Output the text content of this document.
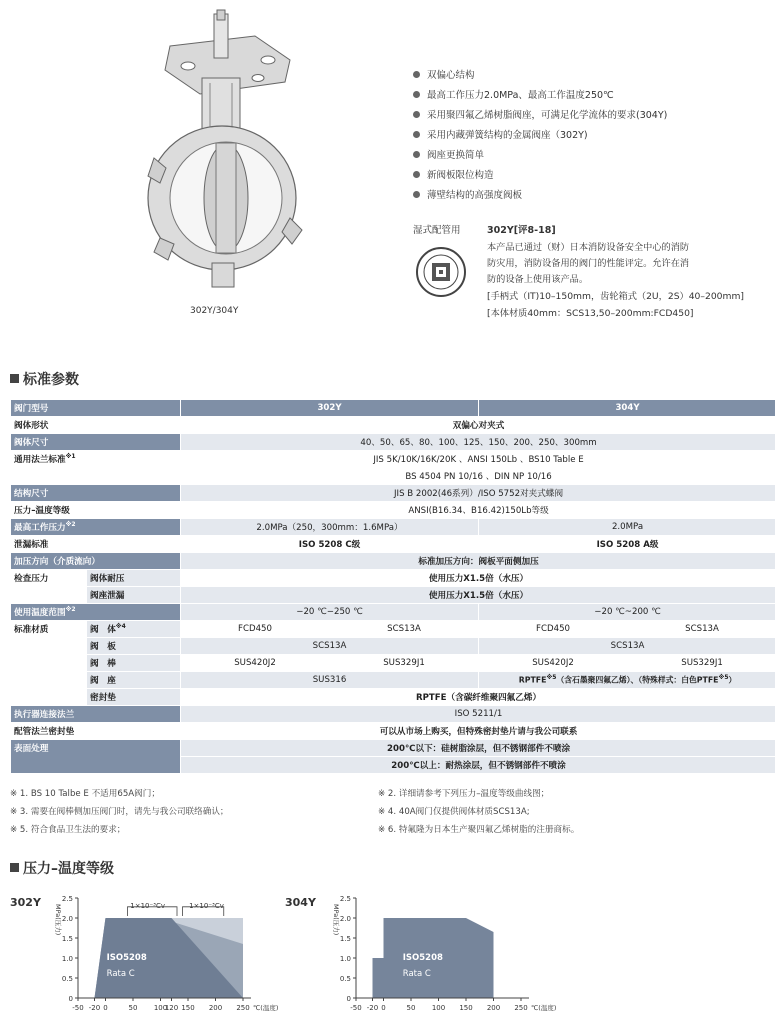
302Y/304Y
双偏心结构
最高工作压力2.0MPa、最高工作温度250℃
采用聚四氟乙烯树脂阀座，可满足化学流体的要求(304Y)
采用内藏弹簧结构的金属阀座（302Y)
阀座更换简单
新阀板限位构造
薄壁结构的高强度阀板
湿式配管用	302Y[评8-18]
本产品已通过（财）日本消防设备安全中心的消防
防灾用，消防设备用的阀门的性能评定。允许在消
防的设备上使用该产品。
[手柄式（IT)10–150mm，齿轮箱式（2U，2S）40–200mm]
[本体材质40mm：SCS13,50–200mm:FCD450]
标准参数
阀门型号		302Y		304Y	
阀体形状		双偏心对夹式			
阀体尺寸		40、50、65、80、100、125、150、200、250、300mm			
通用法兰标准$^{※1}$		JIS 5K/10K/16K/20K 、ANSI 150Lb 、BS10 Table E			
		BS 4504 PN 10/16 、DIN NP 10/16			
结构尺寸		JIS B 2002(46系列）/ISO 5752对夹式蝶阀			
压力–温度等级		ANSI(B16.34、B16.42)150Lb等级			
最高工作压力$^{※2}$		2.0MPa（250，300mm：1.6MPa）		2.0MPa	
泄漏标准		ISO 5208 C级		ISO 5208 A级	
加压方向（介质流向）		标准加压方向：阀板平面侧加压			
检查压力	阀体耐压	使用压力X1.5倍（水压）			
	阀座泄漏	使用压力X1.5倍（水压）			
使用温度范围$^{※2}$		−20 ℃−250 ℃		−20 ℃~200 ℃	
标准材质	阀　体$^{※4}$	FCD450	SCS13A	FCD450	SCS13A
	阀　板	SCS13A		SCS13A	
	阀　棒	SUS420J2	SUS329J1	SUS420J2	SUS329J1
	阀　座	SUS316		RPTFE$^{※5}$（含石墨聚四氟乙烯）、（特殊样式：白色PTFE$^{※5}$）	
	密封垫	RPTFE（含碳纤维聚四氟乙烯）			
执行器连接法兰		ISO 5211/1			
配管法兰密封垫		可以从市场上购买，但特殊密封垫片请与我公司联系			
表面处理		200℃以下：硅树脂涂层，但不锈钢部件不喷涂			
		200℃以上：耐热涂层，但不锈钢部件不喷涂			
※ 1. BS 10 Talbe E 不适用65A阀门；	※ 2. 详细请参考下列压力–温度等级曲线图；
※ 3. 需要在阀棒侧加压阀门时，请先与我公司联络确认；	※ 4. 40A阀门仅提供阀体材质SCS13A;
※ 5. 符合食品卫生法的要求；	※ 6. 特氟隆为日本生产聚四氟乙烯树脂的注册商标。
压力–温度等级
302Y
0
0.5
1.0
1.5
2.0
2.5
-50 -20 0	50 100
120 150 200 250
MPa(压力)
℃(温度)
ISO5208
Rata C
1×10⁻³Cv	1×10⁻³Cv	304Y
0
0.5
1.0
1.5
2.0
2.5
-50 -20 0	50 100 150 200 250
MPa(压力)
℃(温度)
ISO5208
Rata C
